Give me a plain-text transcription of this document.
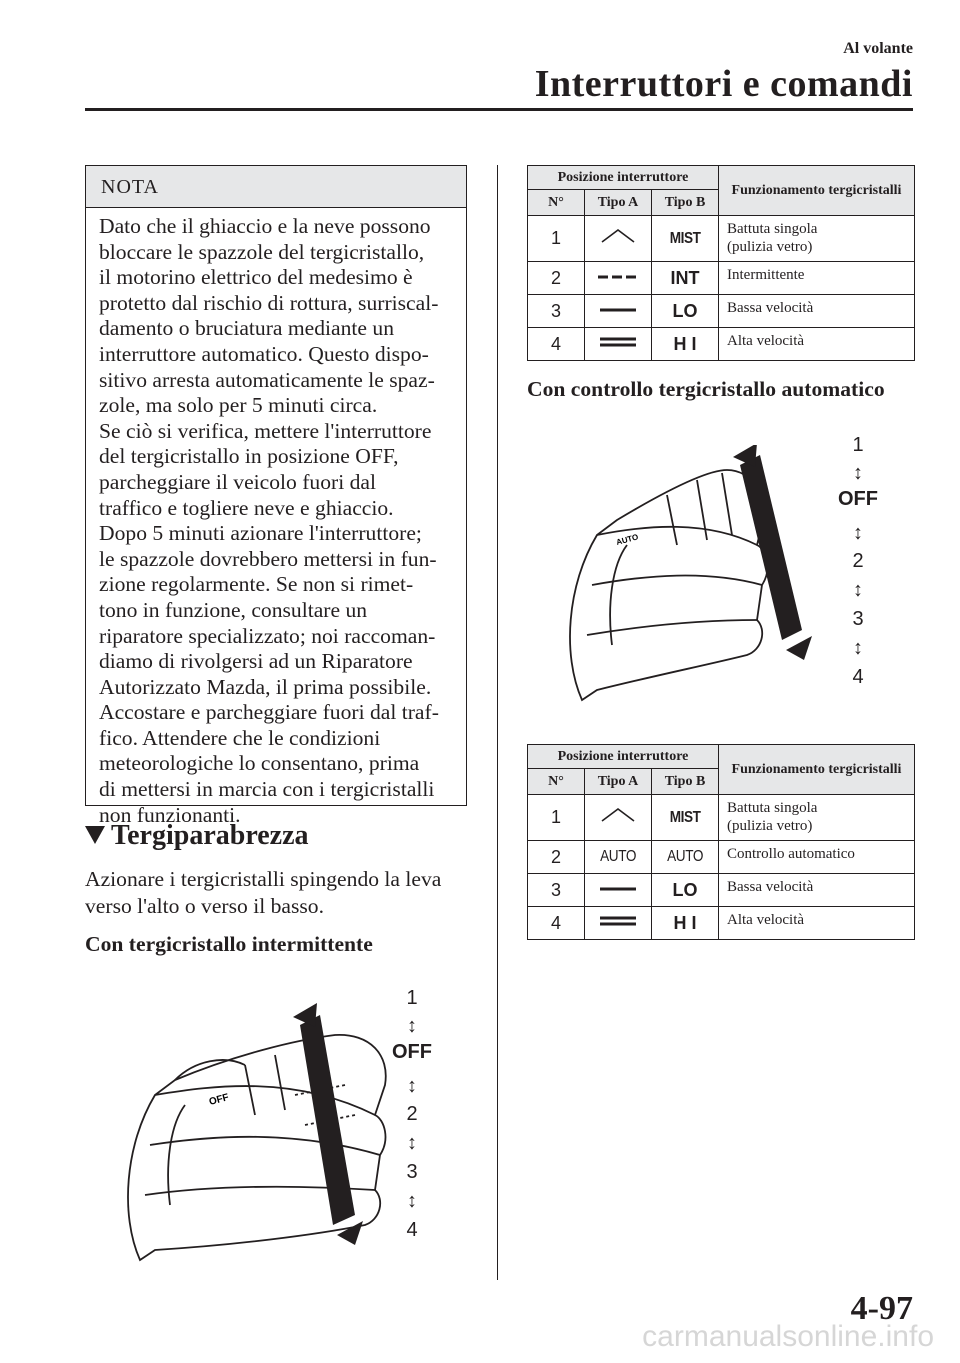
Al volante
Interruttori e comandi
NOTA
Dato che il ghiaccio e la neve possono
bloccare le spazzole del tergicristallo,
il motorino elettrico del medesimo è
protetto dal rischio di rottura, surriscal-
damento o bruciatura mediante un
interruttore automatico. Questo dispo-
sitivo arresta automaticamente le spaz-
zole, ma solo per 5 minuti circa.
Se ciò si verifica, mettere l'interruttore
del tergicristallo in posizione OFF,
parcheggiare il veicolo fuori dal
traffico e togliere neve e ghiaccio.
Dopo 5 minuti azionare l'interruttore;
le spazzole dovrebbero mettersi in fun-
zione regolarmente. Se non si rimet-
tono in funzione, consultare un
riparatore specializzato; noi raccoman-
diamo di rivolgersi ad un Riparatore
Autorizzato Mazda, il prima possibile.
Accostare e parcheggiare fuori dal traf-
fico. Attendere che le condizioni
meteorologiche lo consentano, prima
di mettersi in marcia con i tergicristalli
non funzionanti.
Tergiparabrezza
Azionare i tergicristalli spingendo la leva
verso l'alto o verso il basso.
Con tergicristallo intermittente
OFF
1
↕
OFF
↕
2
↕
3
↕
4
Posizione interruttore			Funzionamento tergicristalli
N°	Tipo A	Tipo B	
1		MIST	Battuta singola
(pulizia vetro)
2		INT	Intermittente
3		LO	Bassa velocità
4		H I	Alta velocità
Con controllo tergicristallo automatico
AUTO
1
↕
OFF
↕
2
↕
3
↕
4
Posizione interruttore			Funzionamento tergicristalli
N°	Tipo A	Tipo B	
1		MIST	Battuta singola
(pulizia vetro)
2	AUTO	AUTO	Controllo automatico
3		LO	Bassa velocità
4		H I	Alta velocità
4-97
carmanualsonline.info
